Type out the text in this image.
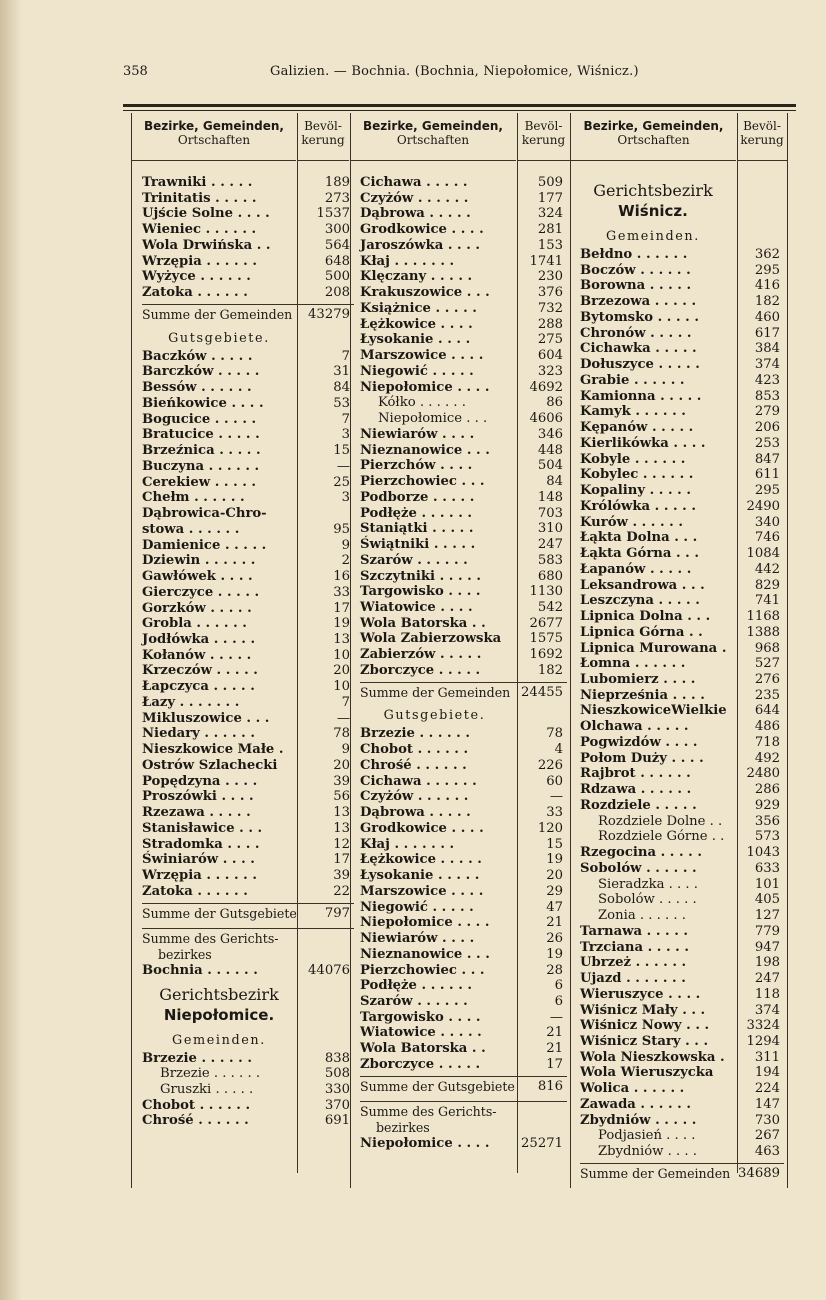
358	Galizien. — Bochnia. (Bochnia, Niepołomice, Wiśnicz.)
Bezirke, Gemeinden,
Ortschaften
Bevöl-
kerung
Bezirke, Gemeinden,
Ortschaften
Bevöl-
kerung
Bezirke, Gemeinden,
Ortschaften
Bevöl-
kerung
Trawniki . . . . .	189
Trinitatis . . . . .	273
Ujście Solne . . . .	1537
Wieniec . . . . . .	300
Wola Drwińska . .	564
Wrzępia . . . . . .	648
Wyżyce . . . . . .	500
Zatoka . . . . . .	208
Summe der Gemeinden	43279
Gutsgebiete.
Baczków . . . . .	7
Barczków . . . . .	31
Bessów . . . . . .	84
Bieńkowice . . . .	53
Bogucice . . . . .	7
Bratucice . . . . .	3
Brzeźnica . . . . .	15
Buczyna . . . . . .	—
Cerekiew . . . . .	25
Chełm . . . . . .	3
Dąbrowica-Chro-
stowa . . . . . .	95
Damienice . . . . .	9
Dziewin . . . . . .	2
Gawłówek . . . .	16
Gierczyce . . . . .	33
Gorzków . . . . .	17
Grobla . . . . . .	19
Jodłówka . . . . .	13
Kołanów . . . . .	10
Krzeczów . . . . .	20
Łapczyca . . . . .	10
Łazy . . . . . . .	7
Mikluszowice . . .	—
Niedary . . . . . .	78
Nieszkowice Małe .	9
Ostrów Szlachecki	20
Popędzyna . . . .	39
Proszówki . . . .	56
Rzezawa . . . . .	13
Stanisławice . . .	13
Stradomka . . . .	12
Świniarów . . . .	17
Wrzępia . . . . . .	39
Zatoka . . . . . .	22
Summe der Gutsgebiete	797
Summe des Gerichts-
bezirkes
Bochnia . . . . . .	44076
Gerichtsbezirk
Niepołomice.
Gemeinden.
Brzezie . . . . . .	838
Brzezie . . . . . .	508
Gruszki . . . . .	330
Chobot . . . . . .	370
Chrośé . . . . . .	691
Cichawa . . . . .	509
Czyżów . . . . . .	177
Dąbrowa . . . . .	324
Grodkowice . . . .	281
Jaroszówka . . . .	153
Kłaj . . . . . . .	1741
Klęczany . . . . .	230
Krakuszowice . . .	376
Książnice . . . . .	732
Łężkowice . . . .	288
Łysokanie . . . .	275
Marszowice . . . .	604
Niegowić . . . . .	323
Niepołomice . . . .	4692
Kółko . . . . . .	86
Niepołomice . . .	4606
Niewiarów . . . .	346
Nieznanowice . . .	448
Pierzchów . . . .	504
Pierzchowiec . . .	84
Podborze . . . . .	148
Podłęże . . . . . .	703
Staniątki . . . . .	310
Świątniki . . . . .	247
Szarów . . . . . .	583
Szczytniki . . . . .	680
Targowisko . . . .	1130
Wiatowice . . . .	542
Wola Batorska . .	2677
Wola Zabierzowska	1575
Zabierzów . . . . .	1692
Zborczyce . . . . .	182
Summe der Gemeinden 24455
Gutsgebiete.
Brzezie . . . . . .	78
Chobot . . . . . .	4
Chrośé . . . . . .	226
Cichawa . . . . . .	60
Czyżów . . . . . .	—
Dąbrowa . . . . .	33
Grodkowice . . . .	120
Kłaj . . . . . . .	15
Łężkowice . . . . .	19
Łysokanie . . . . .	20
Marszowice . . . .	29
Niegowić . . . . .	47
Niepołomice . . . .	21
Niewiarów . . . .	26
Nieznanowice . . .	19
Pierzchowiec . . .	28
Podłęże . . . . . .	6
Szarów . . . . . .	6
Targowisko . . . .	—
Wiatowice . . . . .	21
Wola Batorska . .	21
Zborczyce . . . . .	17
Summe der Gutsgebiete	816
Summe des Gerichts-
bezirkes
Niepołomice . . . .	25271
Gerichtsbezirk
Wiśnicz.
Gemeinden.
Bełdno . . . . . .	362
Boczów . . . . . .	295
Borowna . . . . .	416
Brzezowa . . . . .	182
Bytomsko . . . . .	460
Chronów . . . . .	617
Cichawka . . . . .	384
Dołuszyce . . . . .	374
Grabie . . . . . .	423
Kamionna . . . . .	853
Kamyk . . . . . .	279
Kępanów . . . . .	206
Kierlikówka . . . .	253
Kobyle . . . . . .	847
Kobylec . . . . . .	611
Kopaliny . . . . .	295
Królówka . . . . .	2490
Kurów . . . . . .	340
Łąkta Dolna . . .	746
Łąkta Górna . . .	1084
Łapanów . . . . .	442
Leksandrowa . . .	829
Leszczyna . . . . .	741
Lipnica Dolna . . .	1168
Lipnica Górna . .	1388
Lipnica Murowana .	968
Łomna . . . . . .	527
Lubomierz . . . .	276
Nieprześnia . . . .	235
NieszkowiceWielkie	644
Olchawa . . . . .	486
Pogwizdów . . . .	718
Połom Duży . . . .	492
Rajbrot . . . . . .	2480
Rdzawa . . . . . .	286
Rozdziele . . . . .	929
Rozdziele Dolne . .	356
Rozdziele Górne . .	573
Rzegocina . . . . .	1043
Sobolów . . . . . .	633
Sieradzka . . . .	101
Sobolów . . . . .	405
Zonia . . . . . .	127
Tarnawa . . . . .	779
Trzciana . . . . .	947
Ubrzeż . . . . . .	198
Ujazd . . . . . . .	247
Wieruszyce . . . .	118
Wiśnicz Mały . . .	374
Wiśnicz Nowy . . .	3324
Wiśnicz Stary . . .	1294
Wola Nieszkowska .	311
Wola Wieruszycka	194
Wolica . . . . . .	224
Zawada . . . . . .	147
Zbydniów . . . . .	730
Podjasień . . . .	267
Zbydniów . . . .	463
Summe der Gemeinden 34689
